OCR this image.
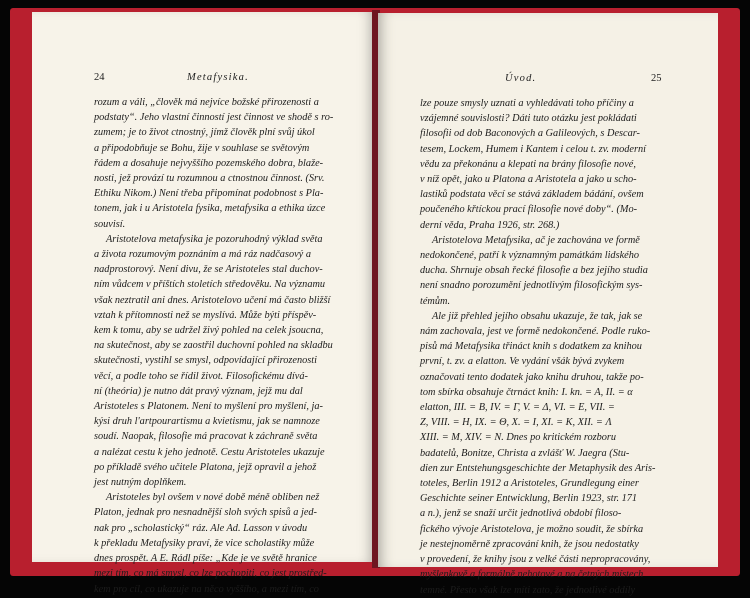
24	Metafysika.

rozum a váli, „člověk má nejvíce božské přirozenosti a
podstaty“. Jeho vlastní činností jest činnost ve shodě s ro-
zumem; je to život ctnostný, jímž člověk plní svůj úkol
a připodobňuje se Bohu, žije v souhlase se světovým
řádem a dosahuje nejvyššího pozemského dobra, blaže-
nosti, jež provází tu rozumnou a ctnostnou činnost. (Srv.
Ethiku Nikom.) Není třeba připomínat podobnost s Pla-
tonem, jak i u Aristotela fysika, metafysika a ethika úzce
souvisí.

Aristotelova metafysika je pozoruhodný výklad světa
a života rozumovým poznáním a má ráz nadčasový a
nadprostorový. Není divu, že se Aristoteles stal duchov-
ním vůdcem v příštích stoletích středověku. Na významu
však neztratil ani dnes. Aristotelovo učení má často bližší
vztah k přítomnosti než se myslívá. Může býti příspěv-
kem k tomu, aby se udržel živý pohled na celek jsoucna,
na skutečnost, aby se zaostřil duchovní pohled na skladbu
skutečnosti, vystihl se smysl, odpovídající přirozenosti
věcí, a podle toho se řídil život. Filosofickému dívá-
ní (theória) je nutno dát pravý význam, jejž mu dal
Aristoteles s Platonem. Není to myšlení pro myšlení, ja-
kýsi druh l'artpourartismu a kvietismu, jak se namnoze
soudí. Naopak, filosofie má pracovat k záchraně světa
a nalézat cestu k jeho jednotě. Cestu Aristoteles ukazuje
po příkladě svého učitele Platona, jejž opravil a jehož
jest nutným doplňkem.

Aristoteles byl ovšem v nové době méně obliben než
Platon, jednak pro nesnadnější sloh svých spisů a jed-
nak pro „scholastický“ ráz. Ale Ad. Lasson v úvodu
k překladu Metafysiky praví, že vice scholastiky může
dnes prospět. A E. Rádl píše: „Kde je ve světě hranice
mezi tím, co má smysl, co lze pochopiti, co jest prostřed-
kem pro cíl, co ukazuje na něco vyššího, a mezi tím, co

Úvod.	25

lze pouze smysly uznati a vyhledávati toho příčiny a
vzájemné souvislosti? Dáti tuto otázku jest pokládati
filosofii od dob Baconových a Galileových, s Descar-
tesem, Lockem, Humem i Kantem i celou t. zv. moderní
vědu za překonánu a klepati na brány filosofie nové,
v níž opět, jako u Platona a Aristotela a jako u scho-
lastiků podstata věcí se stává základem bádání, ovšem
poučeného křtíckou prací filosofie nové doby“. (Mo-
derní věda, Praha 1926, str. 268.)

Aristotelova Metafysika, ač je zachována ve formě
nedokončené, patří k významným památkám lidského
ducha. Shrnuje obsah řecké filosofie a bez jejího studia
není snadno porozumění jednotlivým filosofickým sys-
témům.

Ale již přehled jejího obsahu ukazuje, že tak, jak se
nám zachovala, jest ve formě nedokončené. Podle ruko-
pisů má Metafysika třináct knih s dodatkem za knihou
první, t. zv. a elatton. Ve vydání všák bývá zvykem
označovati tento dodatek jako knihu druhou, takže po-
tom sbírka obsahuje čtrnáct knih: I. kn. = A, II. = α
elatton, III. = B, IV. = Γ, V. = Δ, VI. = E, VII. =
Z, VIII. = H, IX. = Θ, X. = I, XI. = K, XII. = Λ
XIII. = M, XIV. = N. Dnes po kritickém rozboru
badatelů, Bonitze, Christa a zvlášť W. Jaegra (Stu-
dien zur Entstehungsgeschichte der Metaphysik des Aris-
toteles, Berlin 1912 a Aristoteles, Grundlegung einer
Geschichte seiner Entwicklung, Berlin 1923, str. 171
a n.), jenž se snaží určit jednotlivá období filoso-
fického vývoje Aristotelova, je možno soudit, že sbírka
je nestejnoměrně zpracování knih, že jsou nedostatky
v provedení, že knihy jsou z velké části nepropracovány,
myšlenkově a formálně nehotové a na četných místech
temné. Přesto však lze míti zato, že jednotlivé oddíly
